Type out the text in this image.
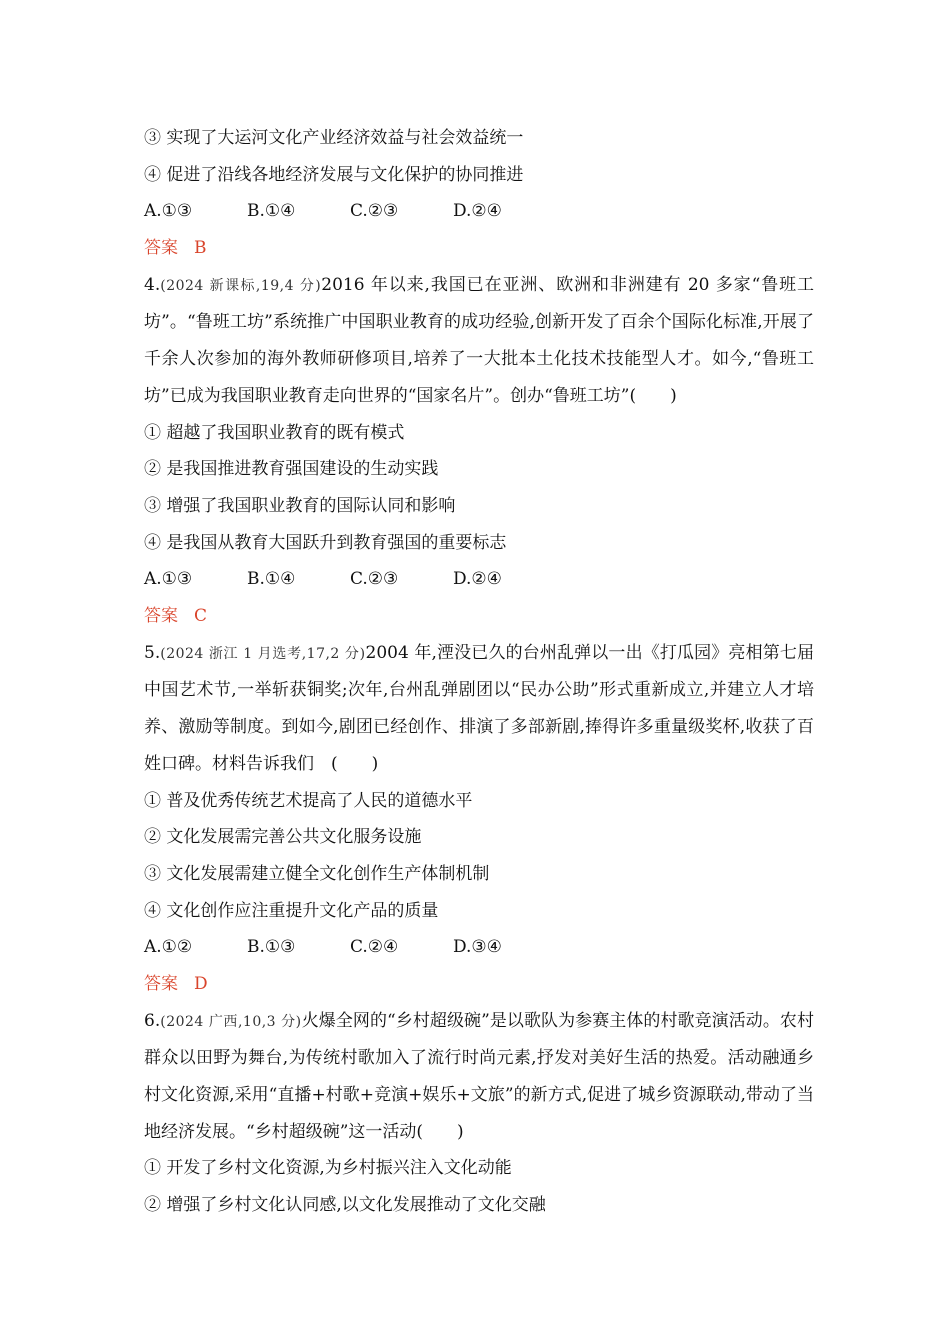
③ 实现了大运河文化产业经济效益与社会效益统一
④ 促进了沿线各地经济发展与文化保护的协同推进
A.①③	B.①④	C.②③	D.②④
答案 B
4.(2024 新课标,19,4 分)2016 年以来,我国已在亚洲、欧洲和非洲建有 20 多家“鲁班工坊”。“鲁班工坊”系统推广中国职业教育的成功经验,创新开发了百余个国际化标准,开展了千余人次参加的海外教师研修项目,培养了一大批本土化技术技能型人才。如今,“鲁班工坊”已成为我国职业教育走向世界的“国家名片”。创办“鲁班工坊”(　　)
① 超越了我国职业教育的既有模式
② 是我国推进教育强国建设的生动实践
③ 增强了我国职业教育的国际认同和影响
④ 是我国从教育大国跃升到教育强国的重要标志
A.①③	B.①④	C.②③	D.②④
答案 C
5.(2024 浙江 1 月选考,17,2 分)2004 年,湮没已久的台州乱弹以一出《打瓜园》亮相第七届中国艺术节,一举斩获铜奖;次年,台州乱弹剧团以“民办公助”形式重新成立,并建立人才培养、激励等制度。到如今,剧团已经创作、排演了多部新剧,捧得许多重量级奖杯,收获了百姓口碑。材料告诉我们　(　　)
① 普及优秀传统艺术提高了人民的道德水平
② 文化发展需完善公共文化服务设施
③ 文化发展需建立健全文化创作生产体制机制
④ 文化创作应注重提升文化产品的质量
A.①②	B.①③	C.②④	D.③④
答案 D
6.(2024 广西,10,3 分)火爆全网的“乡村超级碗”是以歌队为参赛主体的村歌竞演活动。农村群众以田野为舞台,为传统村歌加入了流行时尚元素,抒发对美好生活的热爱。活动融通乡村文化资源,采用“直播+村歌+竞演+娱乐+文旅”的新方式,促进了城乡资源联动,带动了当地经济发展。“乡村超级碗”这一活动(　　)
① 开发了乡村文化资源,为乡村振兴注入文化动能
② 增强了乡村文化认同感,以文化发展推动了文化交融
